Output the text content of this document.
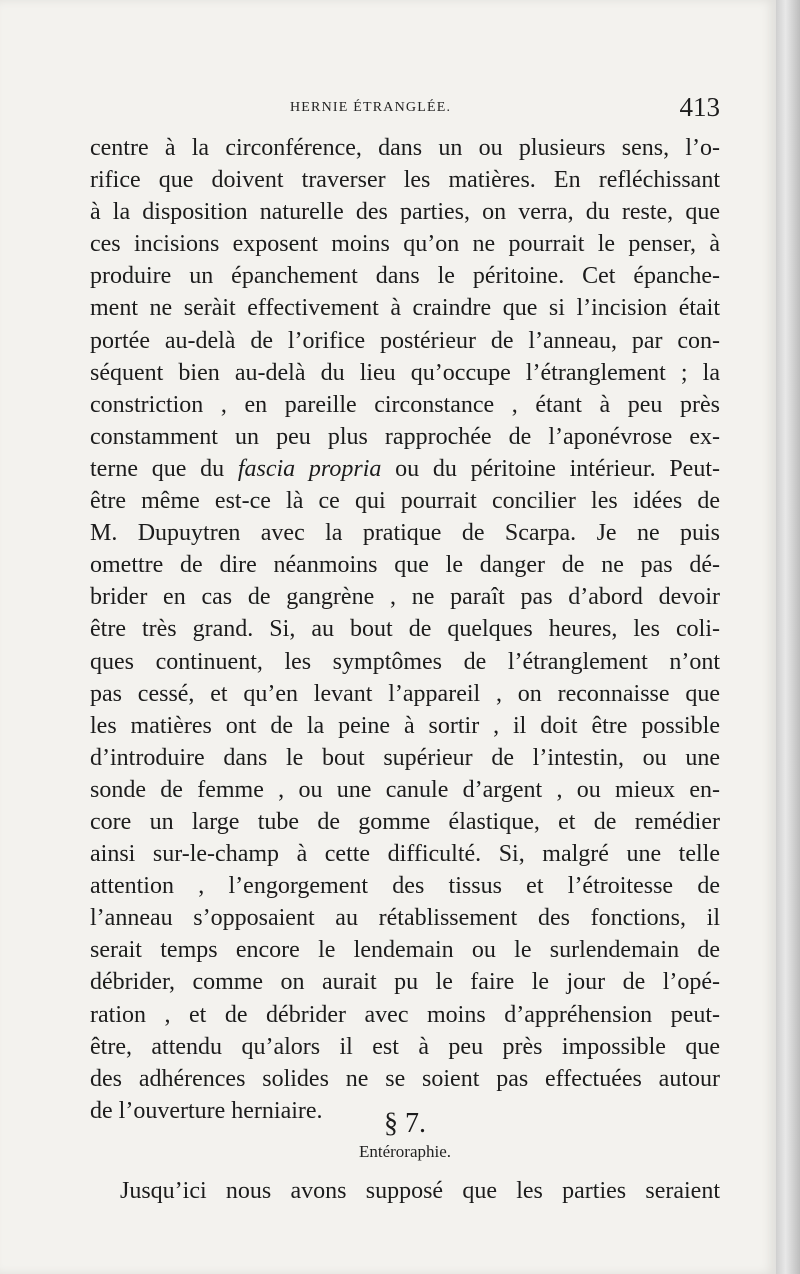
HERNIE ÉTRANGLÉE.	413
centre à la circonférence, dans un ou plusieurs sens, l’o-
rifice que doivent traverser les matières. En refléchissant
à la disposition naturelle des parties, on verra, du reste, que
ces incisions exposent moins qu’on ne pourrait le penser, à
produire un épanchement dans le péritoine. Cet épanche-
ment ne seràit effectivement à craindre que si l’incision était
portée au-delà de l’orifice postérieur de l’anneau, par con-
séquent bien au-delà du lieu qu’occupe l’étranglement ; la
constriction , en pareille circonstance , étant à peu près
constamment un peu plus rapprochée de l’aponévrose ex-
terne que du fascia propria ou du péritoine intérieur. Peut-
être même est-ce là ce qui pourrait concilier les idées de
M. Dupuytren avec la pratique de Scarpa. Je ne puis
omettre de dire néanmoins que le danger de ne pas dé-
brider en cas de gangrène , ne paraît pas d’abord devoir
être très grand. Si, au bout de quelques heures, les coli-
ques continuent, les symptômes de l’étranglement n’ont
pas cessé, et qu’en levant l’appareil , on reconnaisse que
les matières ont de la peine à sortir , il doit être possible
d’introduire dans le bout supérieur de l’intestin, ou une
sonde de femme , ou une canule d’argent , ou mieux en-
core un large tube de gomme élastique, et de remédier
ainsi sur-le-champ à cette difficulté. Si, malgré une telle
attention , l’engorgement des tissus et l’étroitesse de
l’anneau s’opposaient au rétablissement des fonctions, il
serait temps encore le lendemain ou le surlendemain de
débrider, comme on aurait pu le faire le jour de l’opé-
ration , et de débrider avec moins d’appréhension peut-
être, attendu qu’alors il est à peu près impossible que
des adhérences solides ne se soient pas effectuées autour
de l’ouverture herniaire.	§ 7.
Entéroraphie.
Jusqu’ici nous avons supposé que les parties seraient
